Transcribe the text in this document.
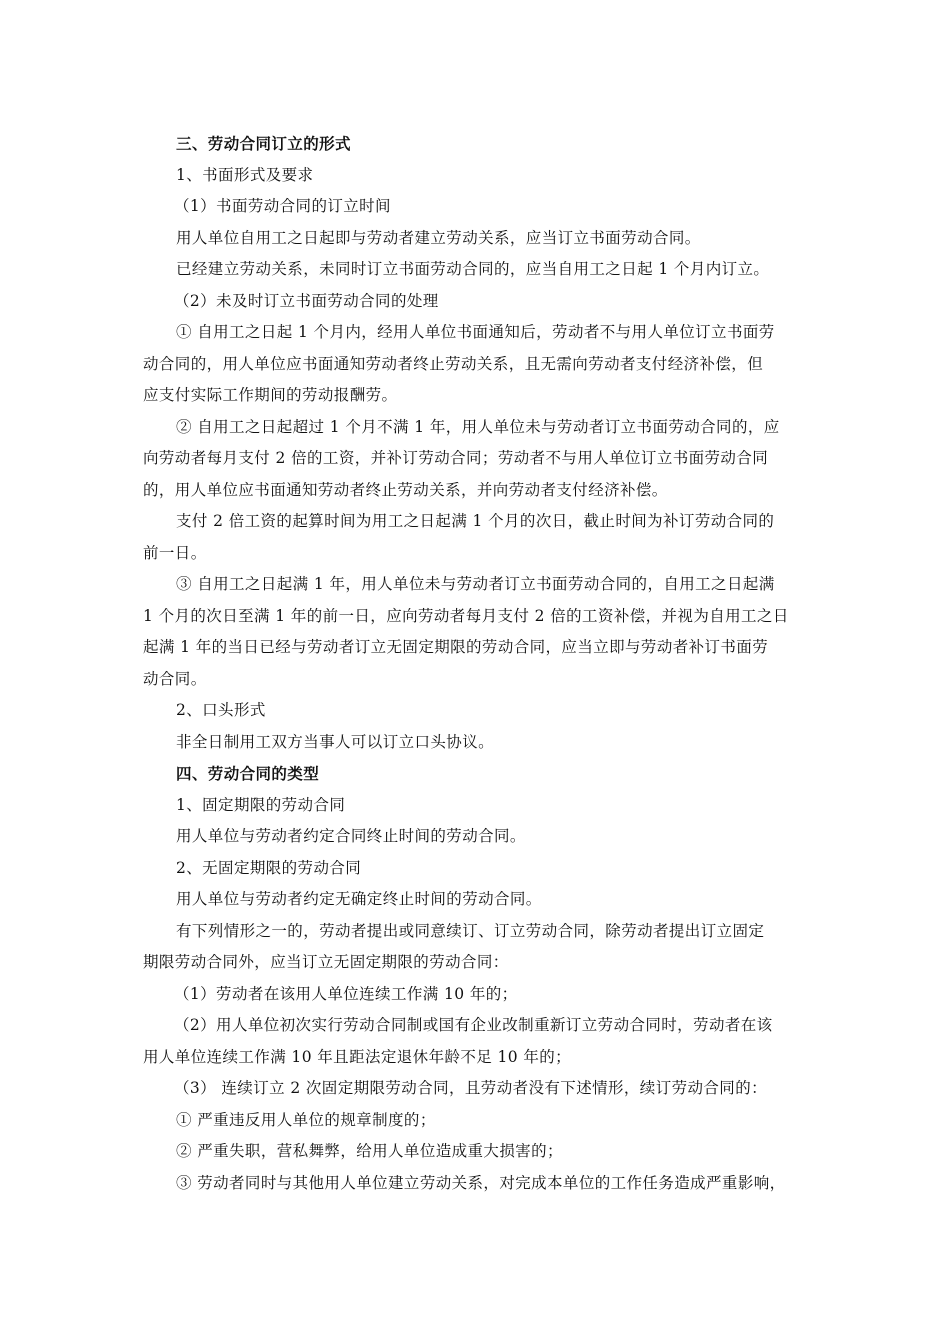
三、劳动合同订立的形式
1、书面形式及要求
（1）书面劳动合同的订立时间
用人单位自用工之日起即与劳动者建立劳动关系，应当订立书面劳动合同。
已经建立劳动关系，未同时订立书面劳动合同的，应当自用工之日起 1 个月内订立。
（2）未及时订立书面劳动合同的处理
① 自用工之日起 1 个月内，经用人单位书面通知后，劳动者不与用人单位订立书面劳
动合同的，用人单位应书面通知劳动者终止劳动关系，且无需向劳动者支付经济补偿，但
应支付实际工作期间的劳动报酬劳。
② 自用工之日起超过 1 个月不满 1 年，用人单位未与劳动者订立书面劳动合同的，应
向劳动者每月支付 2 倍的工资，并补订劳动合同；劳动者不与用人单位订立书面劳动合同
的，用人单位应书面通知劳动者终止劳动关系，并向劳动者支付经济补偿。
支付 2 倍工资的起算时间为用工之日起满 1 个月的次日，截止时间为补订劳动合同的
前一日。
③ 自用工之日起满 1 年，用人单位未与劳动者订立书面劳动合同的，自用工之日起满
1 个月的次日至满 1 年的前一日，应向劳动者每月支付 2 倍的工资补偿，并视为自用工之日
起满 1 年的当日已经与劳动者订立无固定期限的劳动合同，应当立即与劳动者补订书面劳
动合同。
2、口头形式
非全日制用工双方当事人可以订立口头协议。
四、劳动合同的类型
1、固定期限的劳动合同
用人单位与劳动者约定合同终止时间的劳动合同。
2、无固定期限的劳动合同
用人单位与劳动者约定无确定终止时间的劳动合同。
有下列情形之一的，劳动者提出或同意续订、订立劳动合同，除劳动者提出订立固定
期限劳动合同外，应当订立无固定期限的劳动合同：
（1）劳动者在该用人单位连续工作满 10 年的；
（2）用人单位初次实行劳动合同制或国有企业改制重新订立劳动合同时，劳动者在该
用人单位连续工作满 10 年且距法定退休年龄不足 10 年的；
（3） 连续订立 2 次固定期限劳动合同，且劳动者没有下述情形，续订劳动合同的：
① 严重违反用人单位的规章制度的；
② 严重失职，营私舞弊，给用人单位造成重大损害的；
③ 劳动者同时与其他用人单位建立劳动关系，对完成本单位的工作任务造成严重影响，
